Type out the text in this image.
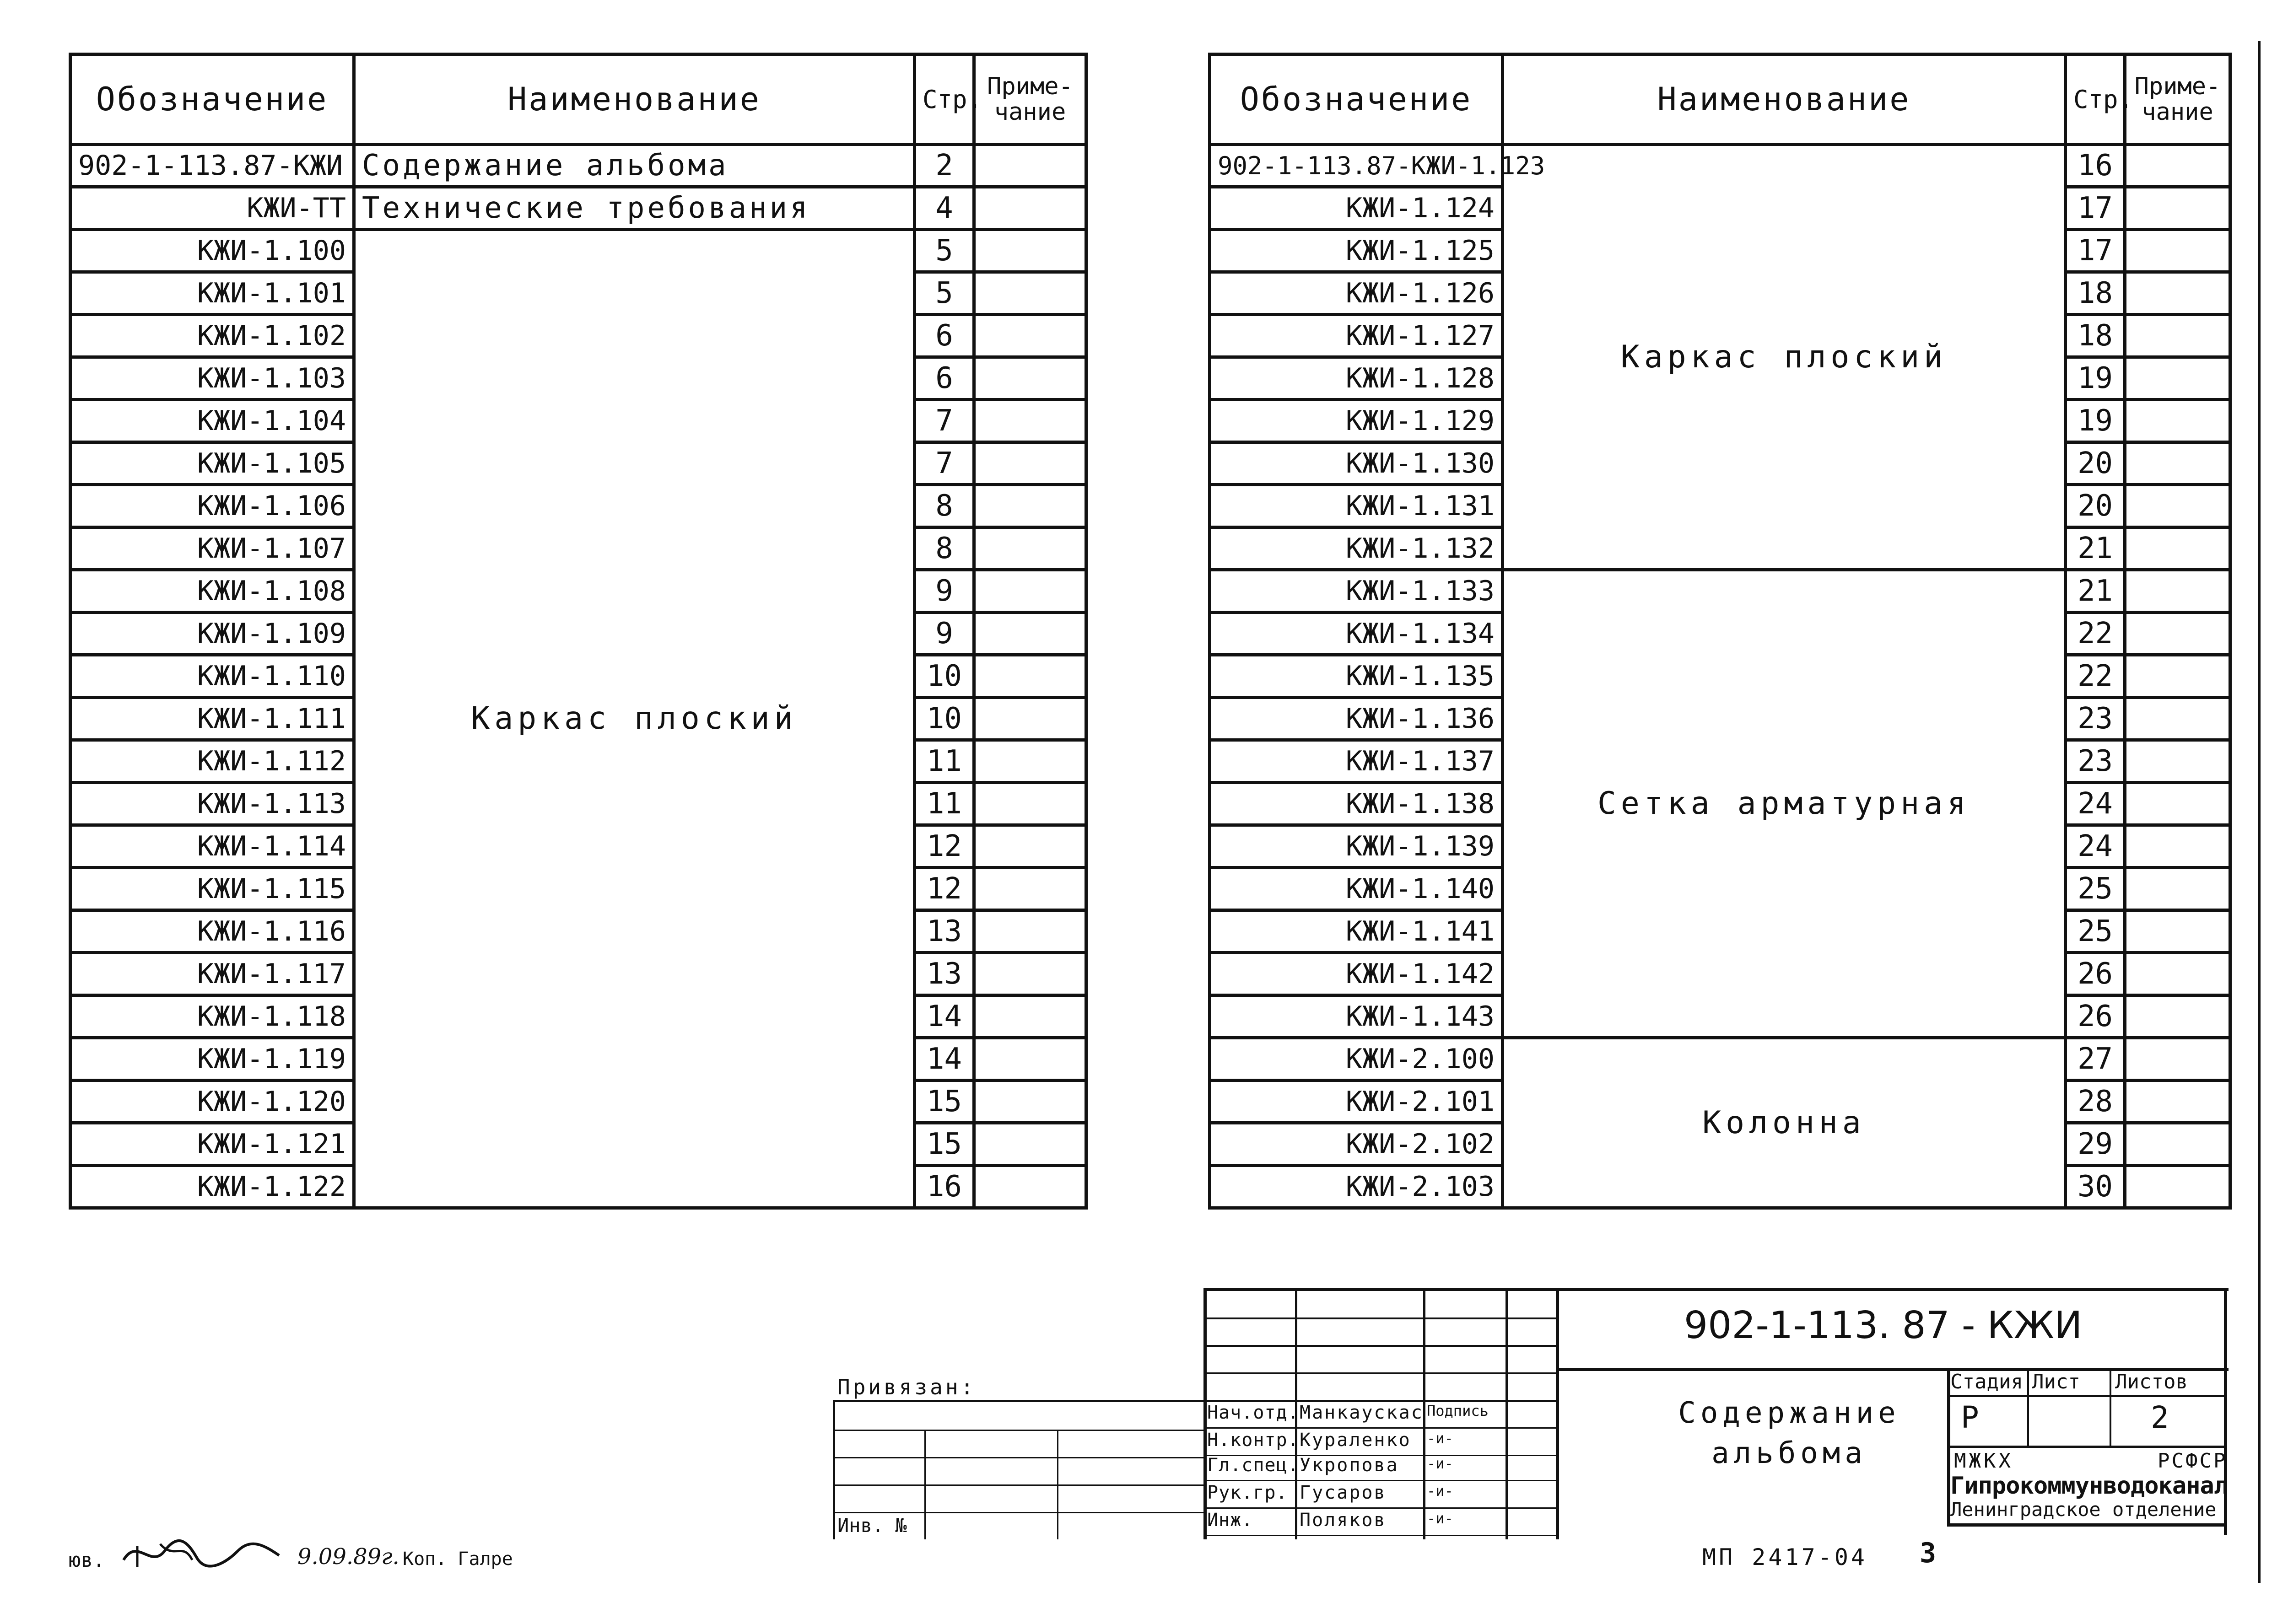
Обозначение	Наименование	Стр.	Приме-
чание
902-1-113.87-КЖИ	Содержание альбома	2	
КЖИ-ТТ	Технические требования	4	
КЖИ-1.100	Каркас плоский	5	
КЖИ-1.101		5	
КЖИ-1.102		6	
КЖИ-1.103		6	
КЖИ-1.104		7	
КЖИ-1.105		7	
КЖИ-1.106		8	
КЖИ-1.107		8	
КЖИ-1.108		9	
КЖИ-1.109		9	
КЖИ-1.110		10	
КЖИ-1.111		10	
КЖИ-1.112		11	
КЖИ-1.113		11	
КЖИ-1.114		12	
КЖИ-1.115		12	
КЖИ-1.116		13	
КЖИ-1.117		13	
КЖИ-1.118		14	
КЖИ-1.119		14	
КЖИ-1.120		15	
КЖИ-1.121		15	
КЖИ-1.122		16	
Обозначение	Наименование	Стр.	Приме-
чание
902-1-113.87-КЖИ-1.123	Каркас плоский	16	
КЖИ-1.124		17	
КЖИ-1.125		17	
КЖИ-1.126		18	
КЖИ-1.127		18	
КЖИ-1.128		19	
КЖИ-1.129		19	
КЖИ-1.130		20	
КЖИ-1.131		20	
КЖИ-1.132		21	
КЖИ-1.133	Сетка арматурная	21	
КЖИ-1.134		22	
КЖИ-1.135		22	
КЖИ-1.136		23	
КЖИ-1.137		23	
КЖИ-1.138		24	
КЖИ-1.139		24	
КЖИ-1.140		25	
КЖИ-1.141		25	
КЖИ-1.142		26	
КЖИ-1.143		26	
КЖИ-2.100	Колонна	27	
КЖИ-2.101		28	
КЖИ-2.102		29	
КЖИ-2.103		30	
902-1-113. 87 - КЖИ
Содержание альбома
Стадия Лист Листов
Р	2
МЖКХ	РСФСР
Гипрокоммунводоканал
Ленинградское отделение
Привязан:
Инв. №
Нач.отд. Манкаускас Подпись
Н.контр. Кураленко -и-
Гл.спец. Укропова -и-
Рук.гр. Гусаров	-и-
Инж.	Поляков	-и-
юв.	9.09.89г. Коп. Галре	МП 2417-04 3
